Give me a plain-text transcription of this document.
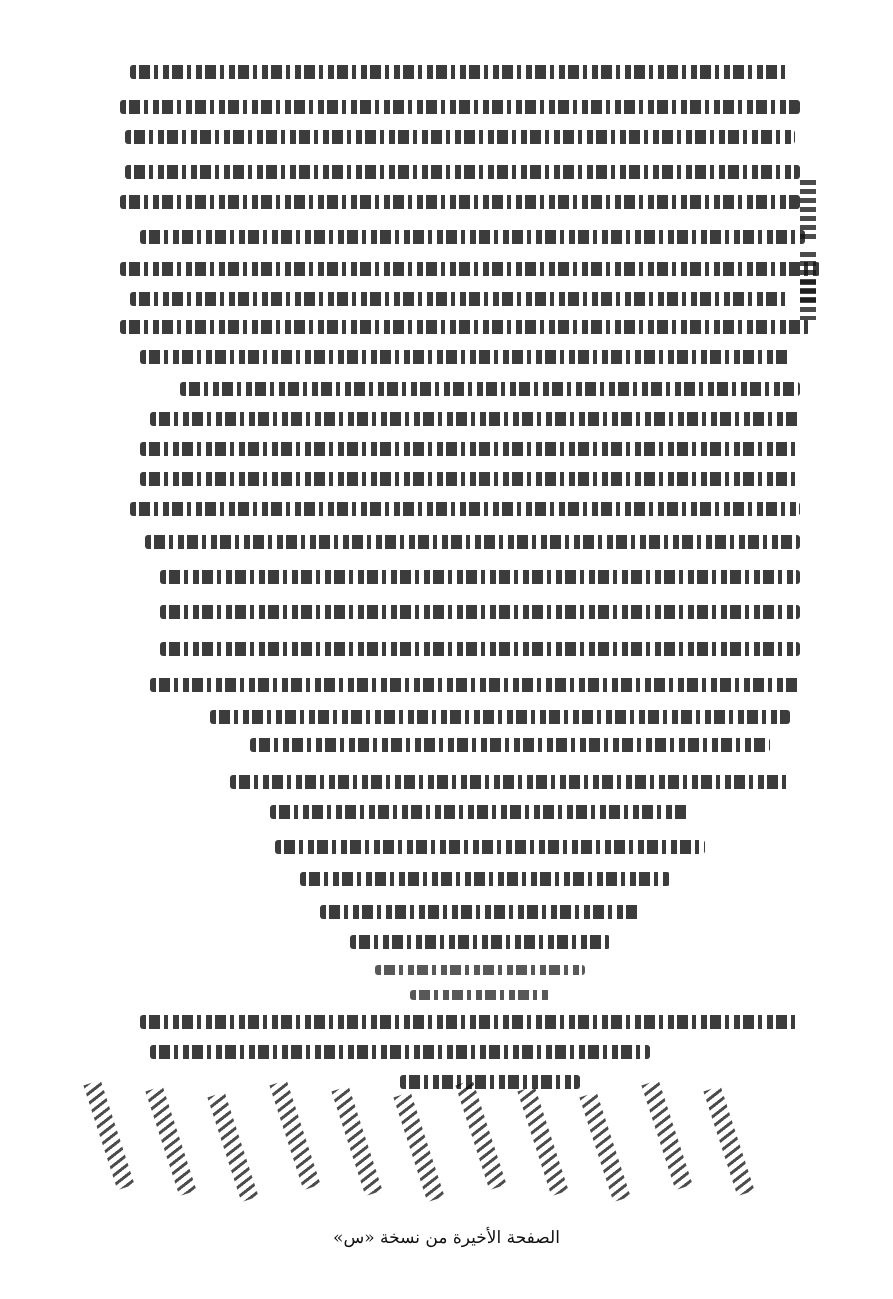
الصفحة الأخيرة من نسخة «س»
